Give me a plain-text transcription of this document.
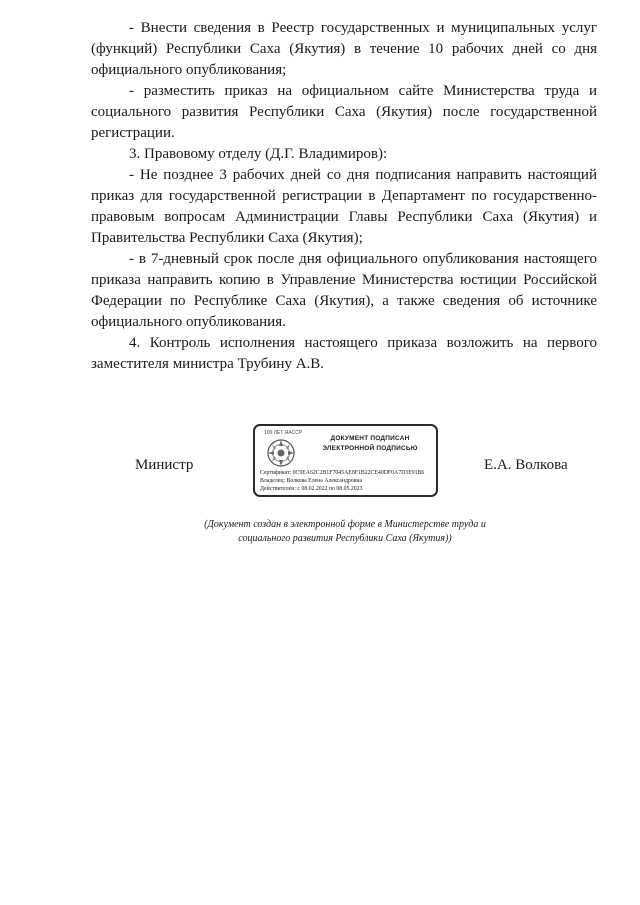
- Внести сведения в Реестр государственных и муниципальных услуг (функций) Республики Саха (Якутия) в течение 10 рабочих дней со дня официального опубликования;

- разместить приказ на официальном сайте Министерства труда и социального развития Республики Саха (Якутия) после государственной регистрации.

3. Правовому отделу (Д.Г. Владимиров):

- Не позднее 3 рабочих дней со дня подписания направить настоящий приказ для государственной регистрации в Департамент по государственно-правовым вопросам Администрации Главы Республики Саха (Якутия) и Правительства Республики Саха (Якутия);

- в 7-дневный срок после дня официального опубликования настоящего приказа направить копию в Управление Министерства юстиции Российской Федерации по Республике Саха (Якутия), а также сведения об источнике официального опубликования.

4. Контроль исполнения настоящего приказа возложить на первого заместителя министра Трубину А.В.

Министр
100 ЛЕТ ЯАССР
ДОКУМЕНТ ПОДПИСАН
ЭЛЕКТРОННОЙ ПОДПИСЬЮ
Сертификат: 0C9EA62C2B1F7045AE8F1B22CE40DF0A7D3E91B6
Владелец: Волкова Елена Александровна
Действителен: с 08.02.2022 по 08.05.2023
Е.А. Волкова
(Документ создан в электронной форме в Министерстве труда и
социального развития Республики Саха (Якутия))
